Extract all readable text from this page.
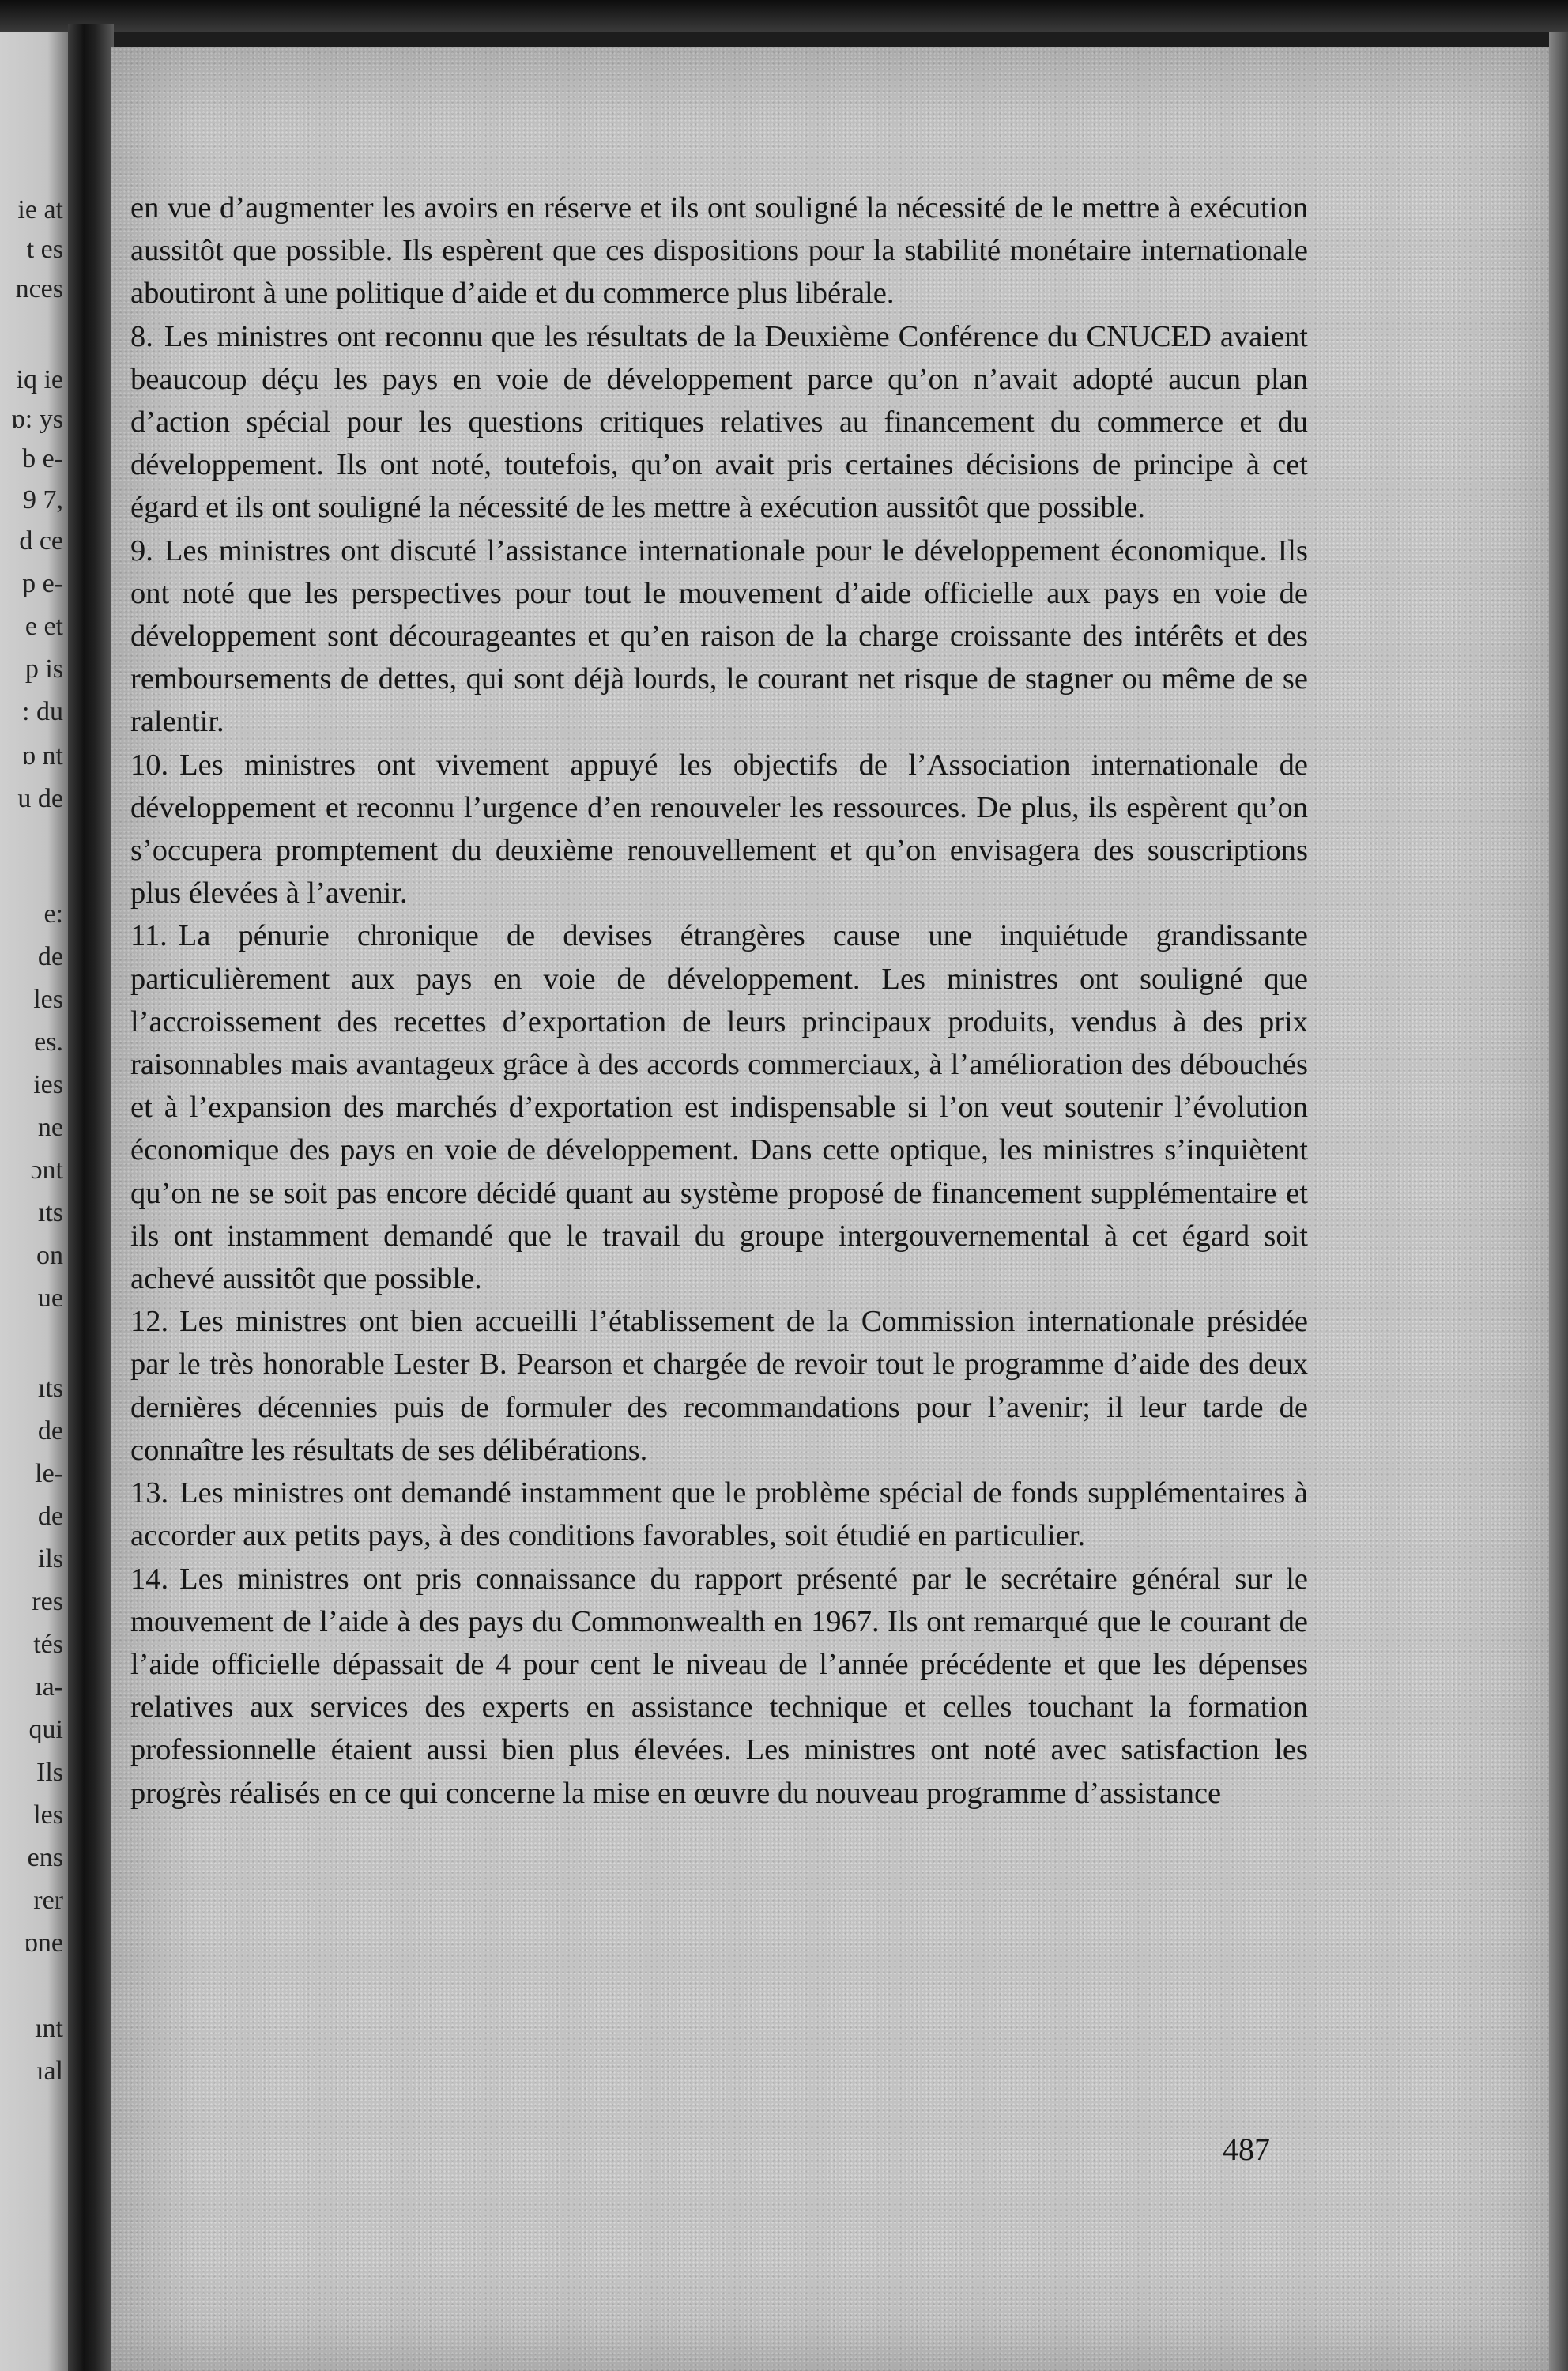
ie at
t es
nces
iq ie
ɒ: ys
b e-
9 7,
d ce
p e-
e et
p is
: du
ɒ nt
u de
e:
de
les
es.
ies
ne
ɔnt
ıts
on
ue
ıts
de
le-
de
ils
res
tés
ıa-
qui
Ils
les
ens
rer
ɒne
ınt
ıal

en vue d’augmenter les avoirs en réserve et ils ont souligné la nécessité de le mettre à exécution aussitôt que possible. Ils espèrent que ces dispositions pour la stabilité monétaire internationale aboutiront à une politique d’aide et du commerce plus libérale.

8. Les ministres ont reconnu que les résultats de la Deuxième Conférence du CNUCED avaient beaucoup déçu les pays en voie de développement parce qu’on n’avait adopté aucun plan d’action spécial pour les questions critiques relatives au financement du commerce et du développement. Ils ont noté, toutefois, qu’on avait pris certaines décisions de principe à cet égard et ils ont souligné la nécessité de les mettre à exécution aussitôt que possible.

9. Les ministres ont discuté l’assistance internationale pour le développement économique. Ils ont noté que les perspectives pour tout le mouvement d’aide officielle aux pays en voie de développement sont décourageantes et qu’en raison de la charge croissante des intérêts et des remboursements de dettes, qui sont déjà lourds, le courant net risque de stagner ou même de se ralentir.

10. Les ministres ont vivement appuyé les objectifs de l’Association internationale de développement et reconnu l’urgence d’en renouveler les ressources. De plus, ils espèrent qu’on s’occupera promptement du deuxième renouvellement et qu’on envisagera des souscriptions plus élevées à l’avenir.

11. La pénurie chronique de devises étrangères cause une inquiétude grandissante particulièrement aux pays en voie de développement. Les ministres ont souligné que l’accroissement des recettes d’exportation de leurs principaux produits, vendus à des prix raisonnables mais avantageux grâce à des accords commerciaux, à l’amélioration des débouchés et à l’expansion des marchés d’exportation est indispensable si l’on veut soutenir l’évolution économique des pays en voie de développement. Dans cette optique, les ministres s’inquiètent qu’on ne se soit pas encore décidé quant au système proposé de financement supplémentaire et ils ont instamment demandé que le travail du groupe intergouvernemental à cet égard soit achevé aussitôt que possible.

12. Les ministres ont bien accueilli l’établissement de la Commission internationale présidée par le très honorable Lester B. Pearson et chargée de revoir tout le programme d’aide des deux dernières décennies puis de formuler des recommandations pour l’avenir; il leur tarde de connaître les résultats de ses délibérations.

13. Les ministres ont demandé instamment que le problème spécial de fonds supplémentaires à accorder aux petits pays, à des conditions favorables, soit étudié en particulier.

14. Les ministres ont pris connaissance du rapport présenté par le secrétaire général sur le mouvement de l’aide à des pays du Commonwealth en 1967. Ils ont remarqué que le courant de l’aide officielle dépassait de 4 pour cent le niveau de l’année précédente et que les dépenses relatives aux services des experts en assistance technique et celles touchant la formation professionnelle étaient aussi bien plus élevées. Les ministres ont noté avec satisfaction les progrès réalisés en ce qui concerne la mise en œuvre du nouveau programme d’assistance

487
